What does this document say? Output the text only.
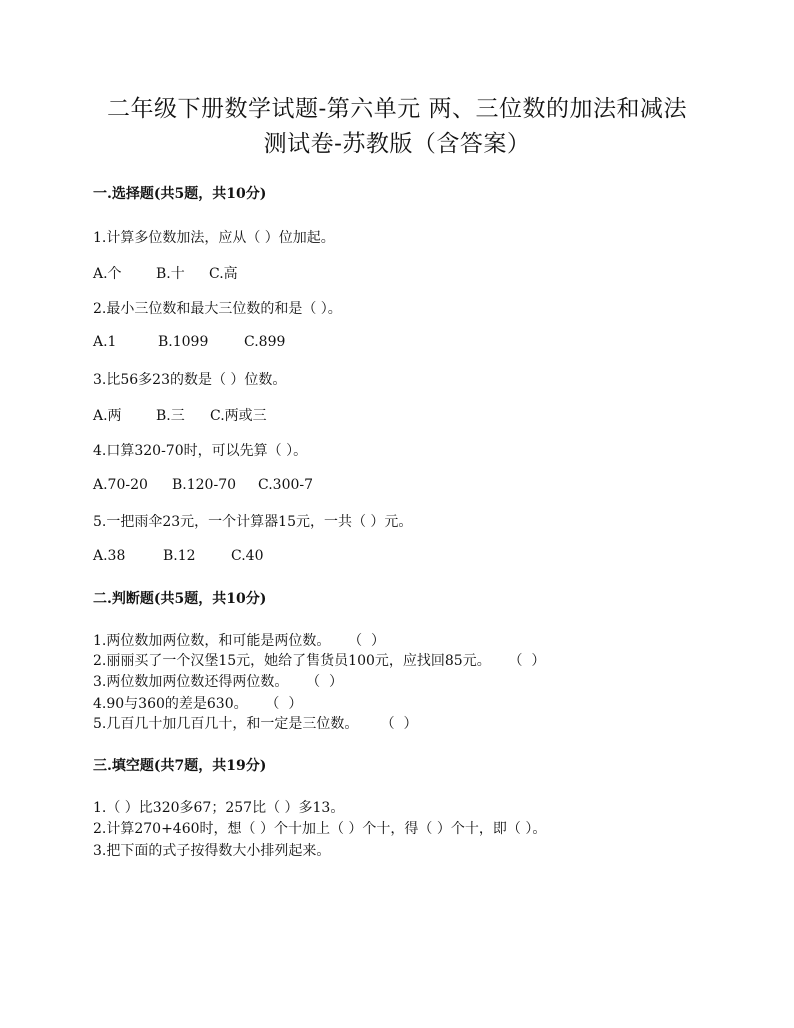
二年级下册数学试题-第六单元 两、三位数的加法和减法
测试卷-苏教版（含答案）
一.选择题(共5题，共10分)
1.计算多位数加法，应从（ ）位加起。
A.个 B.十 C.高
2.最小三位数和最大三位数的和是（ ）。
A.1	B.1099	C.899
3.比56多23的数是（ ）位数。
A.两 B.三 C.两或三
4.口算320-70时，可以先算（ ）。
A.70-20 B.120-70 C.300-7
5.一把雨伞23元，一个计算器15元，一共（ ）元。
A.38	B.12	C.40
二.判断题(共5题，共10分)
1.两位数加两位数，和可能是两位数。    （  ）
2.丽丽买了一个汉堡15元，她给了售货员100元，应找回85元。    （  ）
3.两位数加两位数还得两位数。    （  ）
4.90与360的差是630。    （  ）
5.几百几十加几百几十，和一定是三位数。     （  ）
三.填空题(共7题，共19分)
1.（ ）比320多67；257比（ ）多13。
2.计算270+460时，想（ ）个十加上（ ）个十，得（ ）个十，即（ ）。
3.把下面的式子按得数大小排列起来。
